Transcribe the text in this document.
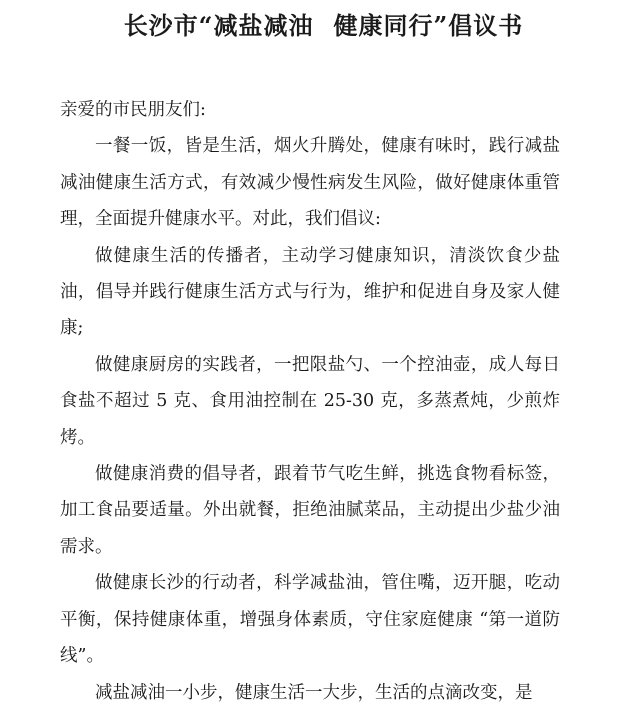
长沙市“减盐减油 健康同行”倡议书

亲爱的市民朋友们:

一餐一饭，皆是生活，烟火升腾处，健康有味时，践行减盐减油健康生活方式，有效减少慢性病发生风险，做好健康体重管理，全面提升健康水平。对此，我们倡议:

做健康生活的传播者，主动学习健康知识，清淡饮食少盐油，倡导并践行健康生活方式与行为，维护和促进自身及家人健康;

做健康厨房的实践者，一把限盐勺、一个控油壶，成人每日食盐不超过 5 克、食用油控制在 25-30 克，多蒸煮炖，少煎炸烤。

做健康消费的倡导者，跟着节气吃生鲜，挑选食物看标签，加工食品要适量。外出就餐，拒绝油腻菜品，主动提出少盐少油需求。

做健康长沙的行动者，科学减盐油，管住嘴，迈开腿，吃动平衡，保持健康体重，增强身体素质，守住家庭健康 “第一道防线”。

减盐减油一小步，健康生活一大步，生活的点滴改变，是
